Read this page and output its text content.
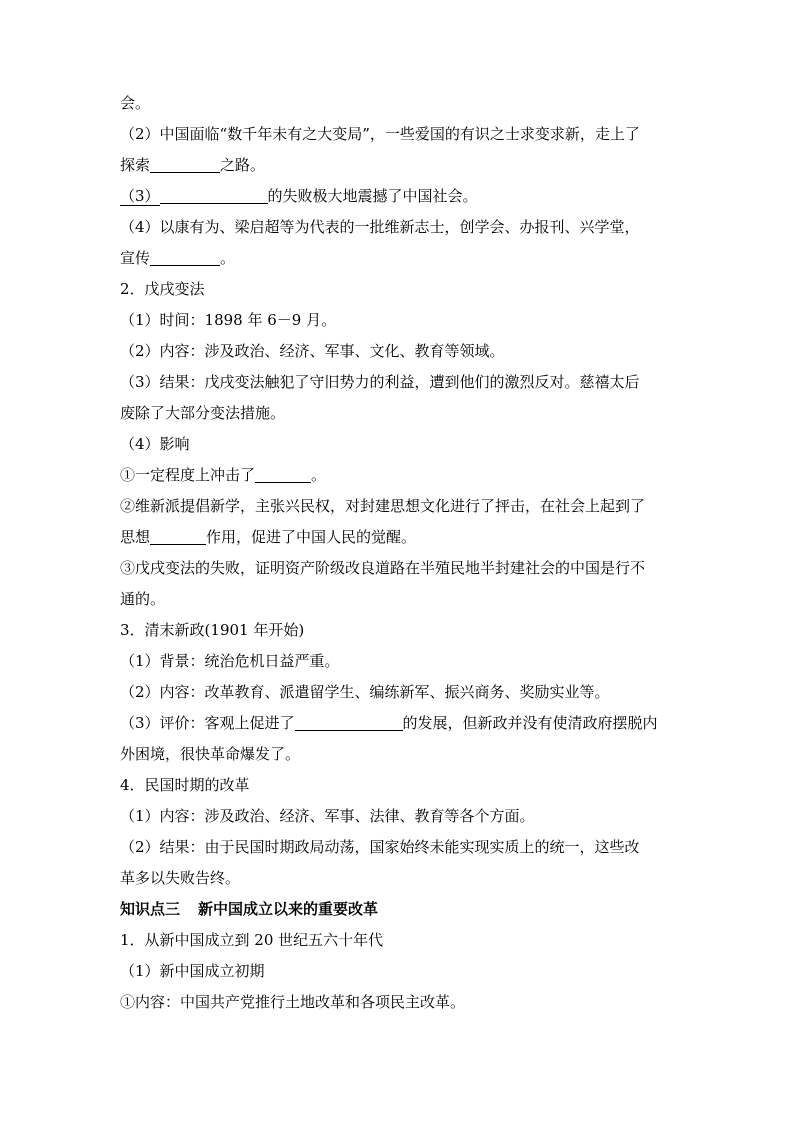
会。
（2）中国面临“数千年未有之大变局”，一些爱国的有识之士求变求新，走上了
探索	之路。
（3）	的失败极大地震撼了中国社会。
（4）以康有为、梁启超等为代表的一批维新志士，创学会、办报刊、兴学堂，
宣传	。
2．戊戌变法
（1）时间：1898 年 6－9 月。
（2）内容：涉及政治、经济、军事、文化、教育等领域。
（3）结果：戊戌变法触犯了守旧势力的利益，遭到他们的激烈反对。慈禧太后
废除了大部分变法措施。
（4）影响
①一定程度上冲击了	。
②维新派提倡新学，主张兴民权，对封建思想文化进行了抨击，在社会上起到了
思想	作用，促进了中国人民的觉醒。
③戊戌变法的失败，证明资产阶级改良道路在半殖民地半封建社会的中国是行不
通的。
3．清末新政(1901 年开始)
（1）背景：统治危机日益严重。
（2）内容：改革教育、派遣留学生、编练新军、振兴商务、奖励实业等。
（3）评价：客观上促进了	的发展，但新政并没有使清政府摆脱内
外困境，很快革命爆发了。
4．民国时期的改革
（1）内容：涉及政治、经济、军事、法律、教育等各个方面。
（2）结果：由于民国时期政局动荡，国家始终未能实现实质上的统一，这些改
革多以失败告终。
知识点三 新中国成立以来的重要改革
1．从新中国成立到 20 世纪五六十年代
（1）新中国成立初期
①内容：中国共产党推行土地改革和各项民主改革。
